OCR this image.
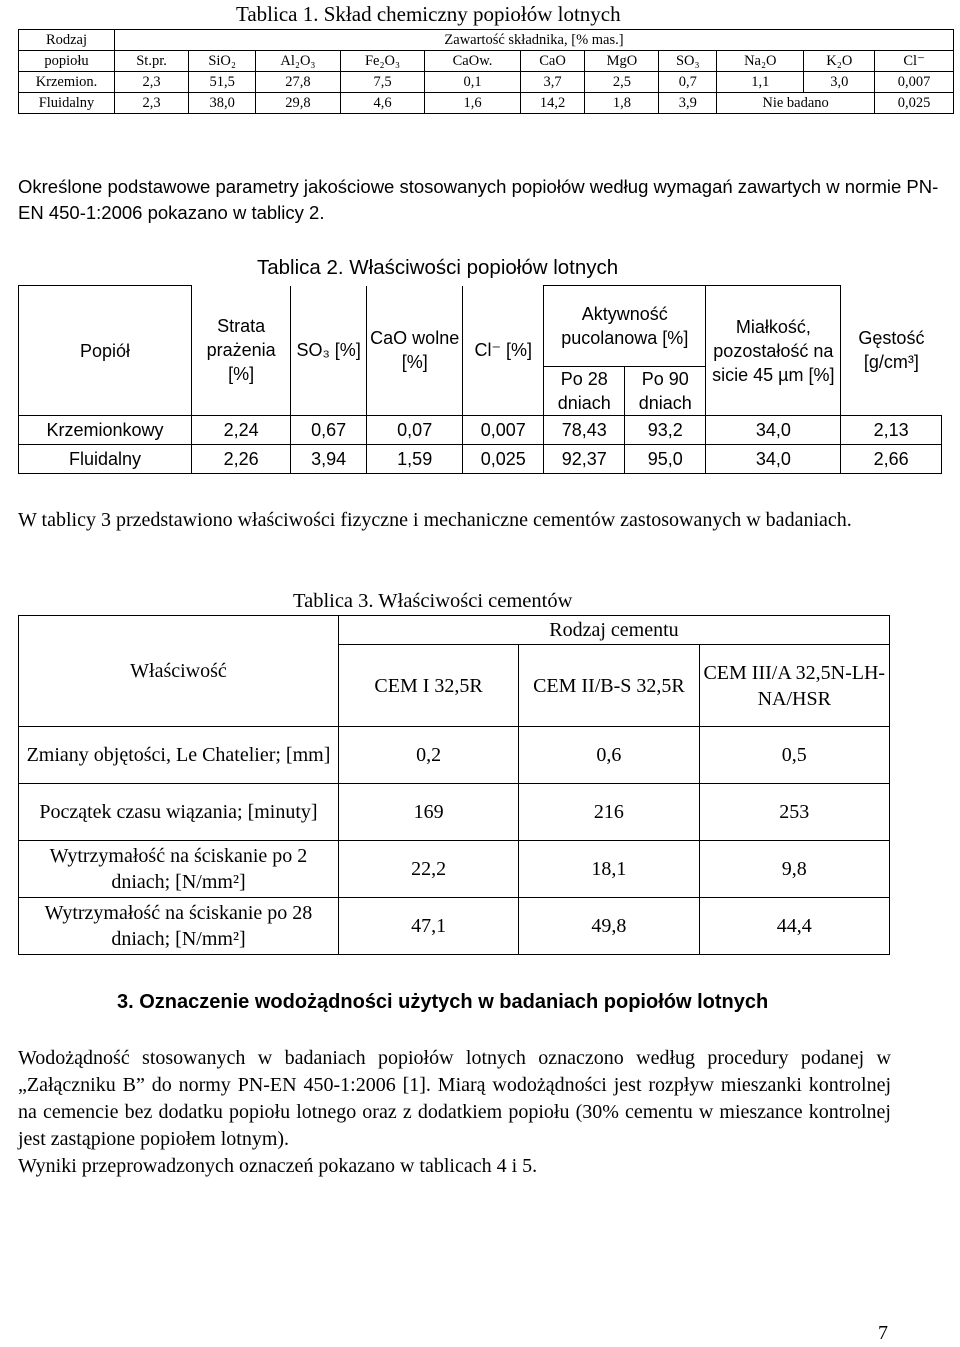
Tablica 1. Skład chemiczny popiołów lotnych
Rodzaj	Zawartość składnika, [% mas.]										
popiołu	St.pr.	SiO₂	Al₂O₃	Fe₂O₃	CaOw.	CaO	MgO	SO₃	Na₂O	K₂O	Cl⁻
Krzemion.	2,3	51,5	27,8	7,5	0,1	3,7	2,5	0,7	1,1	3,0	0,007
Fluidalny	2,3	38,0	29,8	4,6	1,6	14,2	1,8	3,9	Nie badano		0,025
Określone podstawowe parametry jakościowe stosowanych popiołów według wymagań zawartych w normie PN-EN 450-1:2006 pokazano w tablicy 2.
Tablica 2. Właściwości popiołów lotnych
Popiół	Strata prażenia [%]	SO₃ [%]	CaO wolne [%]	Cl⁻ [%]	Aktywność pucolanowa [%]		Miałkość, pozostałość na sicie 45 µm [%]	Gęstość [g/cm³]
					Po 28 dniach	Po 90 dniach		
Krzemionkowy	2,24	0,67	0,07	0,007	78,43	93,2	34,0	2,13
Fluidalny	2,26	3,94	1,59	0,025	92,37	95,0	34,0	2,66
W tablicy 3 przedstawiono właściwości fizyczne i mechaniczne cementów zastosowanych w badaniach.
Tablica 3. Właściwości cementów
Właściwość	Rodzaj cementu		
	CEM I 32,5R	CEM II/B-S 32,5R	CEM III/A 32,5N-LH-NA/HSR
Zmiany objętości, Le Chatelier; [mm]	0,2	0,6	0,5
Początek czasu wiązania; [minuty]	169	216	253
Wytrzymałość na ściskanie po 2 dniach; [N/mm²]	22,2	18,1	9,8
Wytrzymałość na ściskanie po 28 dniach; [N/mm²]	47,1	49,8	44,4
3. Oznaczenie wodożądności użytych w badaniach popiołów lotnych
Wodożądność stosowanych w badaniach popiołów lotnych oznaczono według procedury podanej w „Załączniku B” do normy PN-EN 450-1:2006 [1]. Miarą wodożądności jest rozpływ mieszanki kontrolnej na cemencie bez dodatku popiołu lotnego oraz z dodatkiem popiołu (30% cementu w mieszance kontrolnej jest zastąpione popiołem lotnym).
Wyniki przeprowadzonych oznaczeń pokazano w tablicach 4 i 5.
7
